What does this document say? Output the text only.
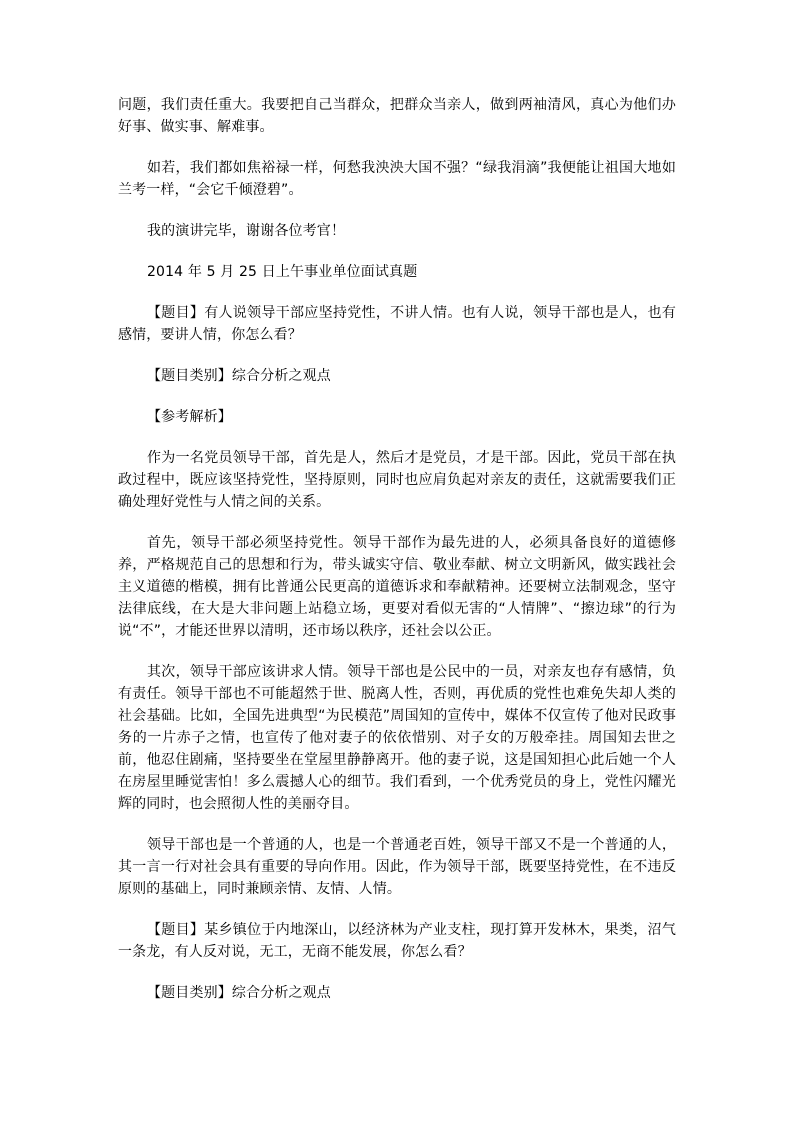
问题，我们责任重大。我要把自己当群众，把群众当亲人，做到两袖清风，真心为他们办好事、做实事、解难事。

如若，我们都如焦裕禄一样，何愁我泱泱大国不强？“绿我涓滴”我便能让祖国大地如兰考一样，“会它千倾澄碧”。

我的演讲完毕，谢谢各位考官！

2014 年 5 月 25 日上午事业单位面试真题

【题目】有人说领导干部应坚持党性，不讲人情。也有人说，领导干部也是人，也有感情，要讲人情，你怎么看？

【题目类别】综合分析之观点

【参考解析】

作为一名党员领导干部，首先是人，然后才是党员，才是干部。因此，党员干部在执政过程中，既应该坚持党性，坚持原则，同时也应肩负起对亲友的责任，这就需要我们正确处理好党性与人情之间的关系。

首先，领导干部必须坚持党性。领导干部作为最先进的人，必须具备良好的道德修养，严格规范自己的思想和行为，带头诚实守信、敬业奉献、树立文明新风，做实践社会主义道德的楷模，拥有比普通公民更高的道德诉求和奉献精神。还要树立法制观念，坚守法律底线，在大是大非问题上站稳立场，更要对看似无害的“人情牌”、“擦边球”的行为说“不”，才能还世界以清明，还市场以秩序，还社会以公正。

其次，领导干部应该讲求人情。领导干部也是公民中的一员，对亲友也存有感情，负有责任。领导干部也不可能超然于世、脱离人性，否则，再优质的党性也难免失却人类的社会基础。比如，全国先进典型“为民模范”周国知的宣传中，媒体不仅宣传了他对民政事务的一片赤子之情，也宣传了他对妻子的依依惜别、对子女的万般牵挂。周国知去世之前，他忍住剧痛，坚持要坐在堂屋里静静离开。他的妻子说，这是国知担心此后她一个人在房屋里睡觉害怕！多么震撼人心的细节。我们看到，一个优秀党员的身上，党性闪耀光辉的同时，也会照彻人性的美丽夺目。

领导干部也是一个普通的人，也是一个普通老百姓，领导干部又不是一个普通的人，其一言一行对社会具有重要的导向作用。因此，作为领导干部，既要坚持党性，在不违反原则的基础上，同时兼顾亲情、友情、人情。

【题目】某乡镇位于内地深山，以经济林为产业支柱，现打算开发林木，果类，沼气一条龙，有人反对说，无工，无商不能发展，你怎么看？

【题目类别】综合分析之观点
